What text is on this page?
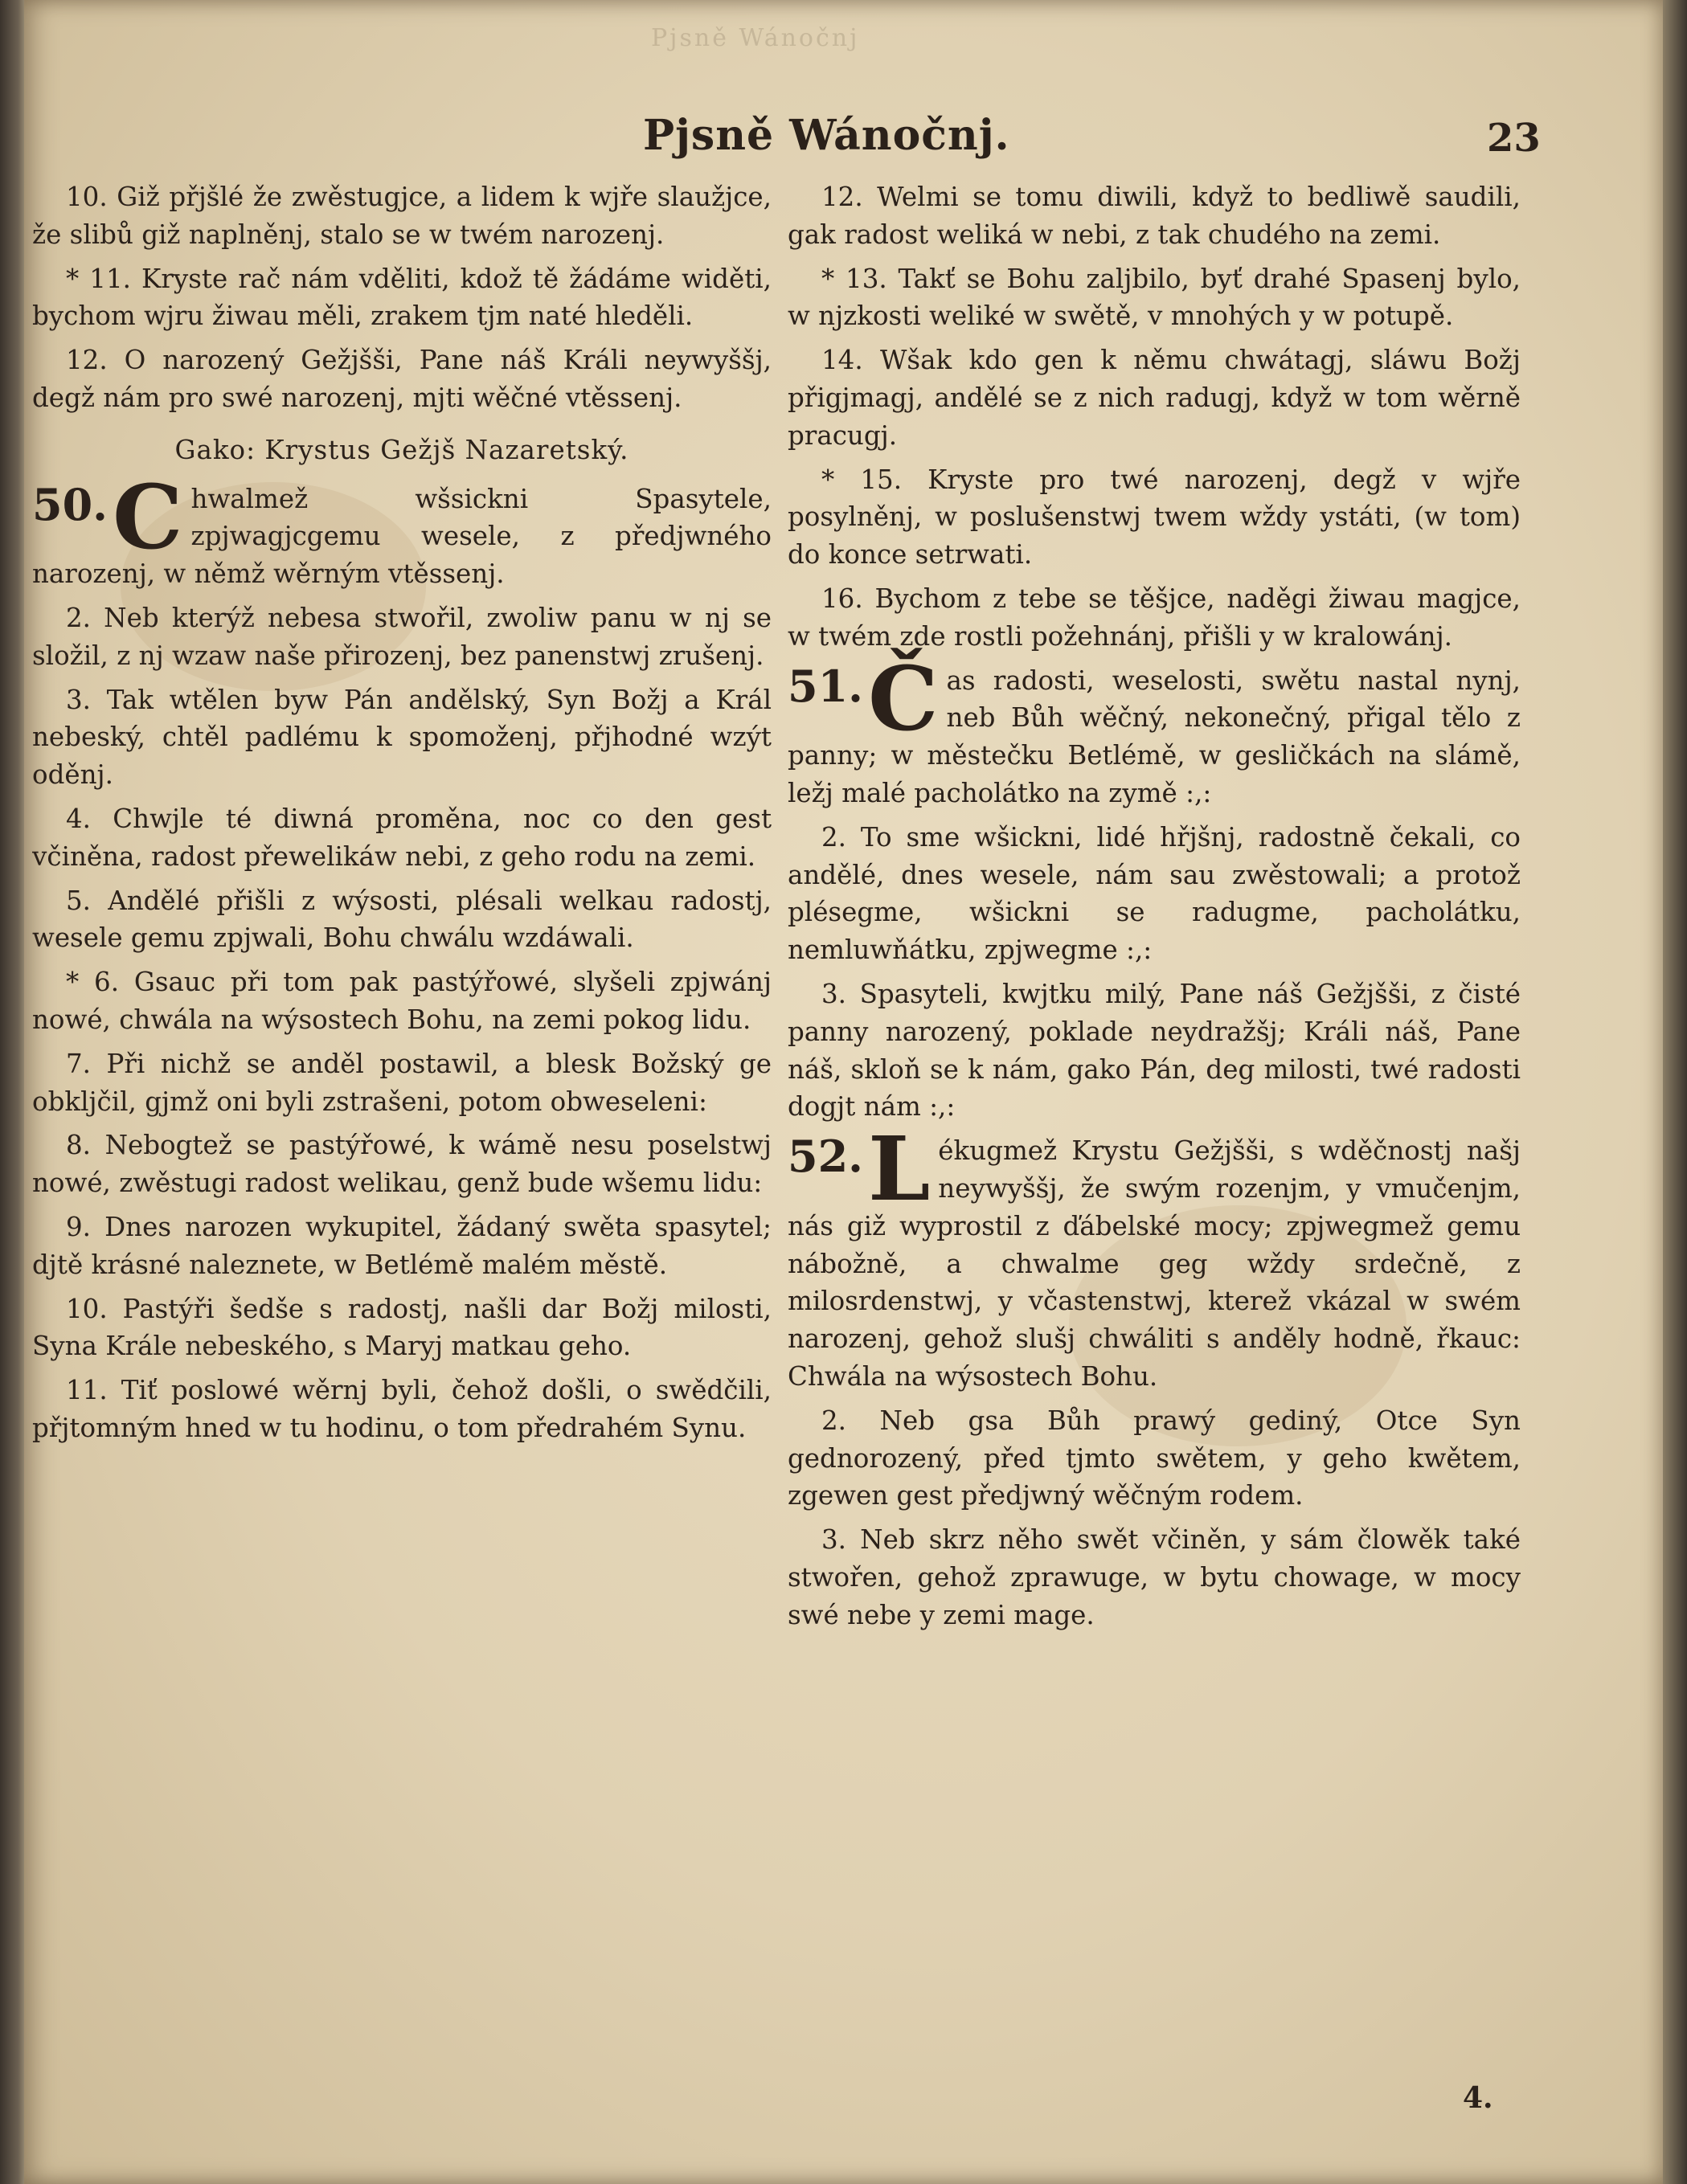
Pjsně Wánočnj
Pjsně Wánočnj.	23

10. Giž přjšlé že zwěstugjce, a lidem k wjře slaužjce, že slibů giž naplněnj, stalo se w twém narozenj.

* 11. Kryste rač nám vděliti, kdož tě žádáme widěti, bychom wjru žiwau měli, zrakem tjm naté hleděli.

12. O narozený Gežjšši, Pane náš Králi neywyššj, degž nám pro swé narozenj, mjti wěčné vtěssenj.

Gako: Krystus Gežjš Nazaretský.

50. C hwalmež wšsickni Spasytele, zpjwagjcgemu wesele, z předjwného narozenj, w němž wěrným vtěssenj.

2. Neb kterýž nebesa stwořil, zwoliw panu w nj se složil, z nj wzaw naše přirozenj, bez panenstwj zrušenj.

3. Tak wtělen byw Pán andělský, Syn Božj a Král nebeský, chtěl padlému k spomoženj, přjhodné wzýt oděnj.

4. Chwjle té diwná proměna, noc co den gest včiněna, radost přewelikáw nebi, z geho rodu na zemi.

5. Andělé přišli z wýsosti, plésali welkau radostj, wesele gemu zpjwali, Bohu chwálu wzdáwali.

* 6. Gsauc při tom pak pastýřowé, slyšeli zpjwánj nowé, chwála na wýsostech Bohu, na zemi pokog lidu.

7. Při nichž se anděl postawil, a blesk Božský ge obkljčil, gjmž oni byli zstrašeni, potom obweseleni:

8. Nebogtež se pastýřowé, k wámě nesu poselstwj nowé, zwěstugi radost welikau, genž bude wšemu lidu:

9. Dnes narozen wykupitel, žádaný swěta spasytel; djtě krásné naleznete, w Betlémě malém městě.

10. Pastýři šedše s radostj, našli dar Božj milosti, Syna Krále nebeského, s Maryj matkau geho.

11. Tiť poslowé wěrnj byli, čehož došli, o swědčili, přjtomným hned w tu hodinu, o tom předrahém Synu.

12. Welmi se tomu diwili, když to bedliwě saudili, gak radost weliká w nebi, z tak chudého na zemi.

* 13. Takť se Bohu zaljbilo, byť drahé Spasenj bylo, w njzkosti weliké w swětě, v mnohých y w potupě.

14. Wšak kdo gen k němu chwátagj, sláwu Božj přigjmagj, andělé se z nich radugj, když w tom wěrně pracugj.

* 15. Kryste pro twé narozenj, degž v wjře posylněnj, w poslušenstwj twem wždy ystáti, (w tom) do konce setrwati.

16. Bychom z tebe se těšjce, naděgi žiwau magjce, w twém zde rostli požehnánj, přišli y w kralowánj.

51. Č as radosti, weselosti, swětu nastal nynj, neb Bůh wěčný, nekonečný, přigal tělo z panny; w městečku Betlémě, w gesličkách na slámě, ležj malé pacholátko na zymě :,:

2. To sme wšickni, lidé hřjšnj, radostně čekali, co andělé, dnes wesele, nám sau zwěstowali; a protož plésegme, wšickni se radugme, pacholátku, nemluwňátku, zpjwegme :,:

3. Spasyteli, kwjtku milý, Pane náš Gežjšši, z čisté panny narozený, poklade neydražšj; Králi náš, Pane náš, skloň se k nám, gako Pán, deg milosti, twé radosti dogjt nám :,:

52. L ékugmež Krystu Gežjšši, s wděčnostj našj neywyššj, že swým rozenjm, y vmučenjm, nás giž wyprostil z ďábelské mocy; zpjwegmež gemu nábožně, a chwalme geg wždy srdečně, z milosrdenstwj, y včastenstwj, kterež vkázal w swém narozenj, gehož slušj chwáliti s anděly hodně, řkauc: Chwála na wýsostech Bohu.

2. Neb gsa Bůh prawý gediný, Otce Syn gednorozený, před tjmto swětem, y geho kwětem, zgewen gest předjwný wěčným rodem.

3. Neb skrz něho swět včiněn, y sám člowěk také stwořen, gehož zprawuge, w bytu chowage, w mocy swé nebe y zemi mage.

4.
